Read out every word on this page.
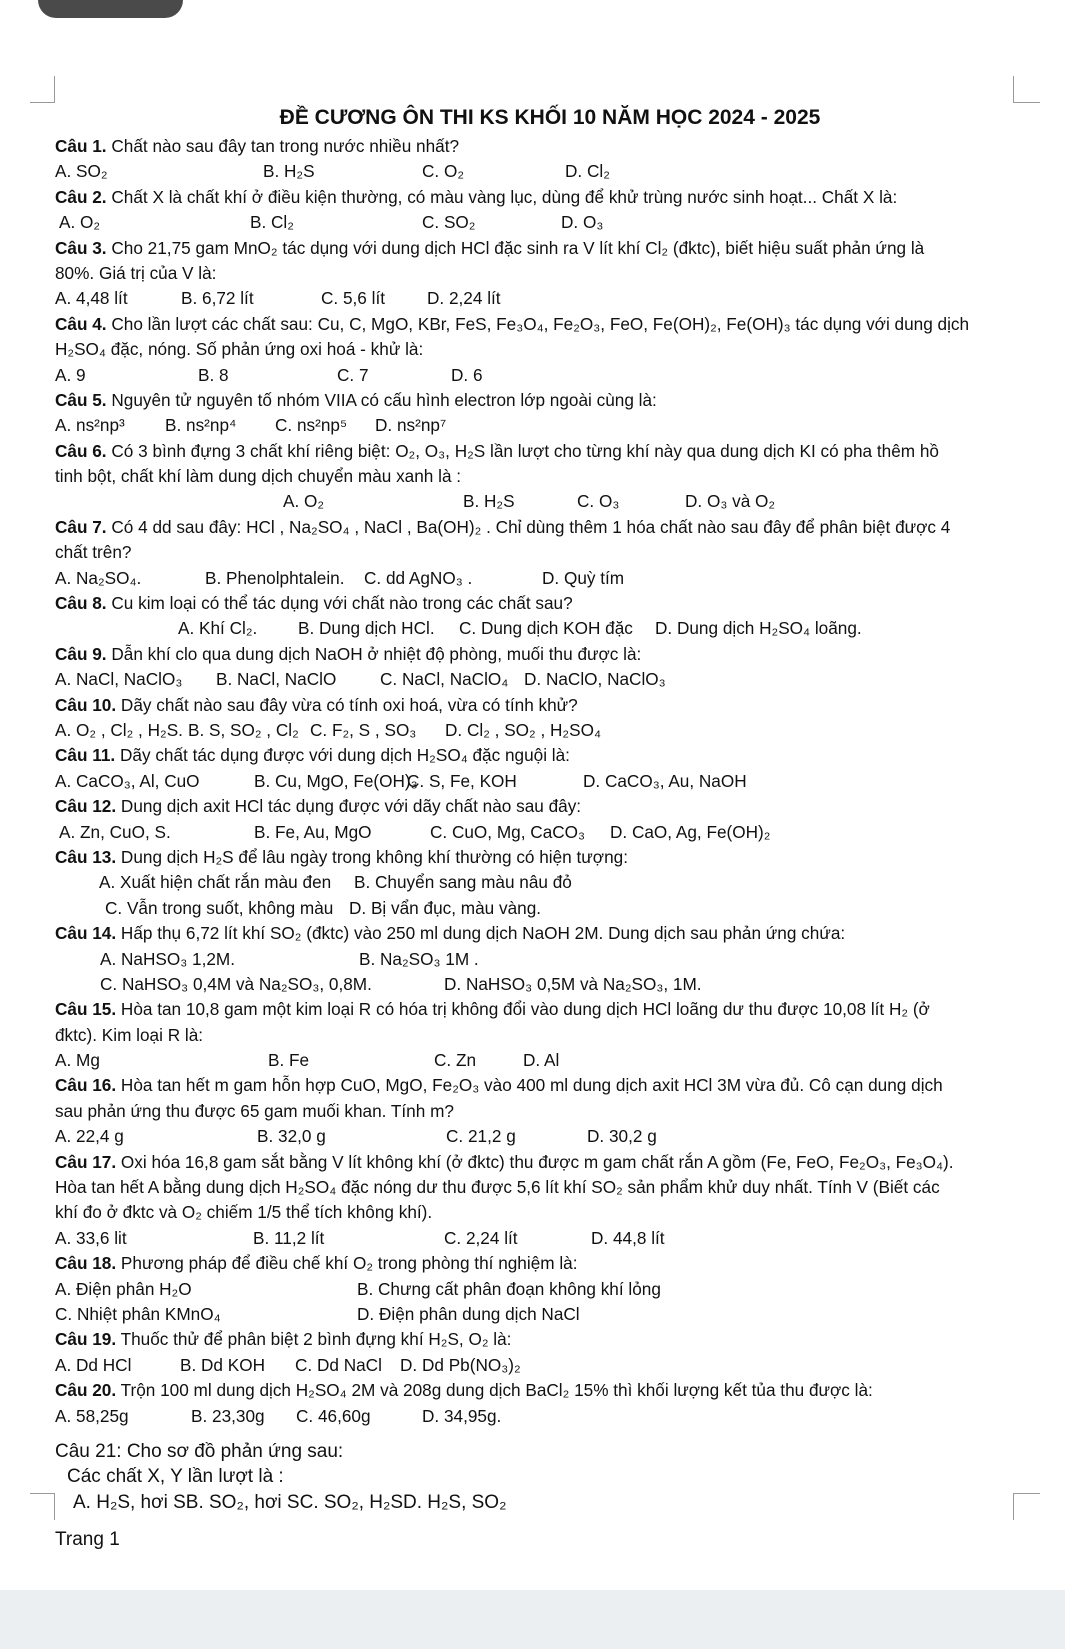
ĐỀ CƯƠNG ÔN THI KS KHỐI 10 NĂM HỌC 2024 - 2025
Câu 1. Chất nào sau đây tan trong nước nhiều nhất?
A. SO₂	B. H₂S	C. O₂	D. Cl₂
Câu 2. Chất X là chất khí ở điều kiện thường, có màu vàng lục, dùng để khử trùng nước sinh hoạt... Chất X là:
A. O₂	B. Cl₂	C. SO₂	D. O₃
Câu 3. Cho 21,75 gam MnO₂ tác dụng với dung dịch HCl đặc sinh ra V lít khí Cl₂ (đktc), biết hiệu suất phản ứng là
80%. Giá trị của V là:
A. 4,48 lít	B. 6,72 lít	C. 5,6 lít D. 2,24 lít
Câu 4. Cho lần lượt các chất sau: Cu, C, MgO, KBr, FeS, Fe₃O₄, Fe₂O₃, FeO, Fe(OH)₂, Fe(OH)₃ tác dụng với dung dịch
H₂SO₄ đặc, nóng. Số phản ứng oxi hoá - khử là:
A. 9	B. 8	C. 7	D. 6
Câu 5. Nguyên tử nguyên tố nhóm VIIA có cấu hình electron lớp ngoài cùng là:
A. ns²np³ B. ns²np⁴ C. ns²np⁵ D. ns²np⁷
Câu 6. Có 3 bình đựng 3 chất khí riêng biệt: O₂, O₃, H₂S lần lượt cho từng khí này qua dung dịch KI có pha thêm hồ
tinh bột, chất khí làm dung dịch chuyển màu xanh là :
A. O₂	B. H₂S	C. O₃	D. O₃ và O₂
Câu 7. Có 4 dd sau đây: HCl , Na₂SO₄ , NaCl , Ba(OH)₂ . Chỉ dùng thêm 1 hóa chất nào sau đây để phân biệt được 4
chất trên?
A. Na₂SO₄.	B. Phenolphtalein. C. dd AgNO₃ .	D. Quỳ tím
Câu 8. Cu kim loại có thể tác dụng với chất nào trong các chất sau?
A. Khí Cl₂. B. Dung dịch HCl. C. Dung dịch KOH đặc D. Dung dịch H₂SO₄ loãng.
Câu 9. Dẫn khí clo qua dung dịch NaOH ở nhiệt độ phòng, muối thu được là:
A. NaCl, NaClO₃ B. NaCl, NaClO	C. NaCl, NaClO₄ D. NaClO, NaClO₃
Câu 10. Dãy chất nào sau đây vừa có tính oxi hoá, vừa có tính khử?
A. O₂ , Cl₂ , H₂S. B. S, SO₂ , Cl₂ C. F₂, S , SO₃ D. Cl₂ , SO₂ , H₂SO₄
Câu 11. Dãy chất tác dụng được với dung dịch H₂SO₄ đặc nguội là:
A. CaCO₃, Al, CuO	B. Cu, MgO, Fe(OH)₃
C. S, Fe, KOH	D. CaCO₃, Au, NaOH
Câu 12. Dung dịch axit HCl tác dụng được với dãy chất nào sau đây:
A. Zn, CuO, S.	B. Fe, Au, MgO	C. CuO, Mg, CaCO₃ D. CaO, Ag, Fe(OH)₂
Câu 13. Dung dịch H₂S để lâu ngày trong không khí thường có hiện tượng:
A. Xuất hiện chất rắn màu đen B. Chuyển sang màu nâu đỏ
C. Vẫn trong suốt, không màu D. Bị vẩn đục, màu vàng.
Câu 14. Hấp thụ 6,72 lít khí SO₂ (đktc) vào 250 ml dung dịch NaOH 2M. Dung dịch sau phản ứng chứa:
A. NaHSO₃ 1,2M.	B. Na₂SO₃ 1M .
C. NaHSO₃ 0,4M và Na₂SO₃, 0,8M.	D. NaHSO₃ 0,5M và Na₂SO₃, 1M.
Câu 15. Hòa tan 10,8 gam một kim loại R có hóa trị không đổi vào dung dịch HCl loãng dư thu được 10,08 lít H₂ (ở
đktc). Kim loại R là:
A. Mg	B. Fe	C. Zn	D. Al
Câu 16. Hòa tan hết m gam hỗn hợp CuO, MgO, Fe₂O₃ vào 400 ml dung dịch axit HCl 3M vừa đủ. Cô cạn dung dịch
sau phản ứng thu được 65 gam muối khan. Tính m?
A. 22,4 g	B. 32,0 g	C. 21,2 g	D. 30,2 g
Câu 17. Oxi hóa 16,8 gam sắt bằng V lít không khí (ở đktc) thu được m gam chất rắn A gồm (Fe, FeO, Fe₂O₃, Fe₃O₄).
Hòa tan hết A bằng dung dịch H₂SO₄ đặc nóng dư thu được 5,6 lít khí SO₂ sản phẩm khử duy nhất. Tính V (Biết các
khí đo ở đktc và O₂ chiếm 1/5 thể tích không khí).
A. 33,6 lit	B. 11,2 lít	C. 2,24 lít	D. 44,8 lít
Câu 18. Phương pháp để điều chế khí O₂ trong phòng thí nghiệm là:
A. Điện phân H₂O	B. Chưng cất phân đoạn không khí lỏng
C. Nhiệt phân KMnO₄	D. Điện phân dung dịch NaCl
Câu 19. Thuốc thử để phân biệt 2 bình đựng khí H₂S, O₂ là:
A. Dd HCl	B. Dd KOH C. Dd NaCl D. Dd Pb(NO₃)₂
Câu 20. Trộn 100 ml dung dịch H₂SO₄ 2M và 208g dung dịch BaCl₂ 15% thì khối lượng kết tủa thu được là:
A. 58,25g	B. 23,30g C. 46,60g	D. 34,95g.
Câu 21: Cho sơ đồ phản ứng sau:
Các chất X, Y lần lượt là :
A. H₂S, hơi SB. SO₂, hơi SC. SO₂, H₂SD. H₂S, SO₂
Trang 1
